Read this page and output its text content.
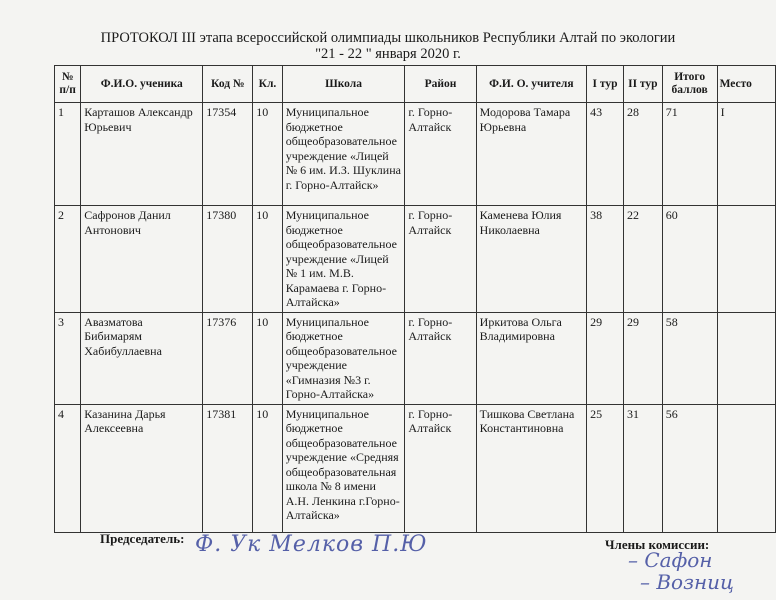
ПРОТОКОЛ III этапа всероссийской олимпиады школьников Республики Алтай по экологии
"21 - 22 " января 2020 г.
№ п/п	Ф.И.О. ученика	Код №	Кл.	Школа	Район	Ф.И. О. учителя	I тур	II тур	Итого баллов	Место
1	Карташов Александр Юрьевич	17354	10	Муниципальное бюджетное общеобразовательное учреждение «Лицей № 6 им. И.З. Шуклина г. Горно-Алтайск»	г. Горно-Алтайск	Модорова Тамара Юрьевна	43	28	71	I
2	Сафронов Данил Антонович	17380	10	Муниципальное бюджетное общеобразовательное учреждение «Лицей № 1 им. М.В. Карамаева г. Горно-Алтайска»	г. Горно-Алтайск	Каменева Юлия Николаевна	38	22	60	
3	Авазматова Бибимарям Хабибуллаевна	17376	10	Муниципальное бюджетное общеобразовательное учреждение «Гимназия №3 г. Горно-Алтайска»	г. Горно-Алтайск	Иркитова Ольга Владимировна	29	29	58	
4	Казанина Дарья Алексеевна	17381	10	Муниципальное бюджетное общеобразовательное учреждение «Средняя общеобразовательная школа № 8 имени А.Н. Ленкина г.Горно-Алтайска»	г. Горно-Алтайск	Тишкова Светлана Константиновна	25	31	56	
Председатель: Ф. Ук Мелков П.Ю	Члены комиссии:
– Сафон
– Возниц
